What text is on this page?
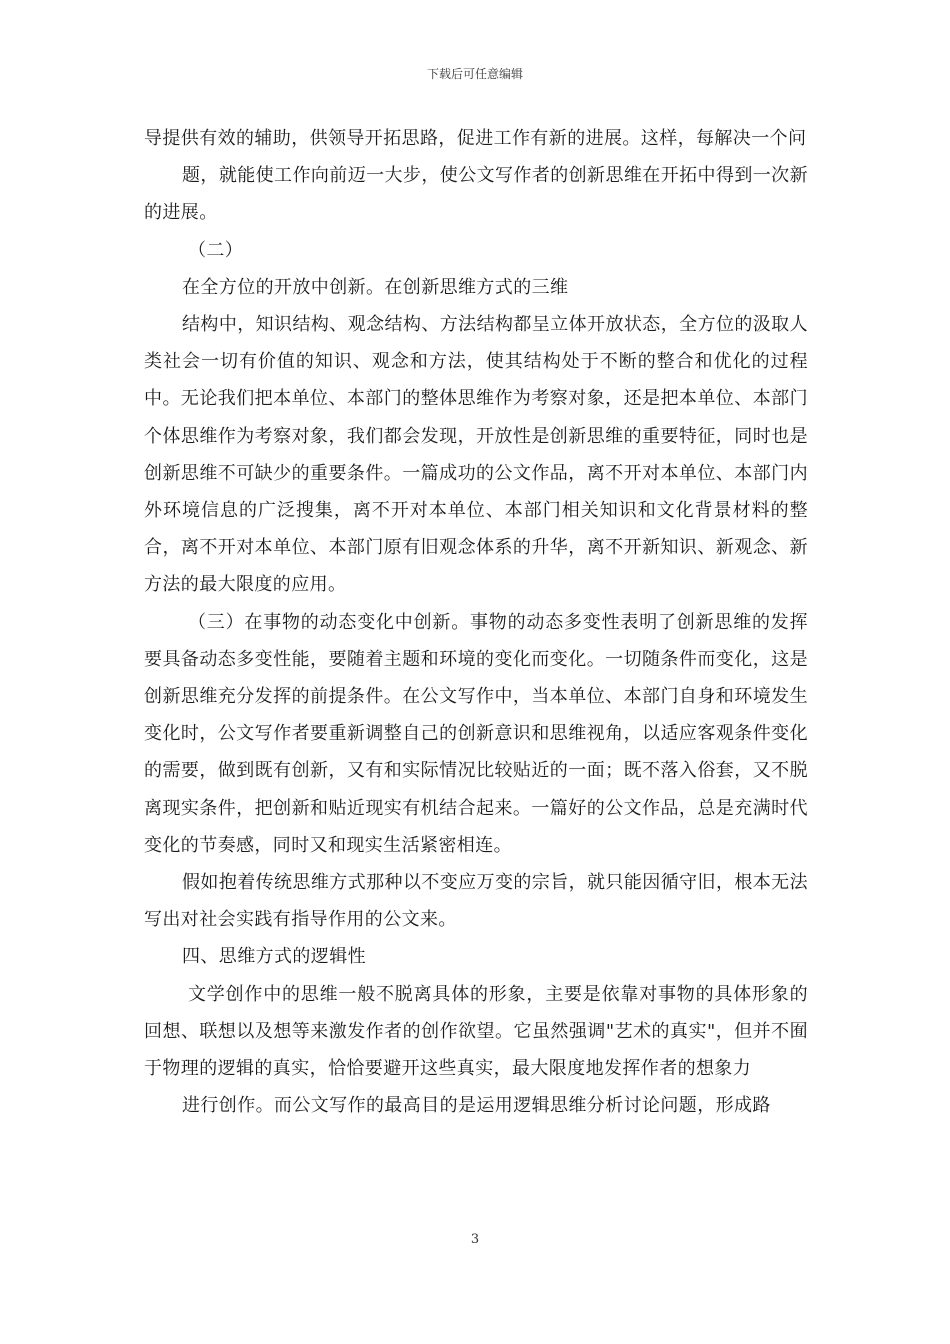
下载后可任意编辑

导提供有效的辅助，供领导开拓思路，促进工作有新的进展。这样，每解决一个问

题，就能使工作向前迈一大步，使公文写作者的创新思维在开拓中得到一次新的进展。

（二）

在全方位的开放中创新。在创新思维方式的三维

结构中，知识结构、观念结构、方法结构都呈立体开放状态，全方位的汲取人类社会一切有价值的知识、观念和方法，使其结构处于不断的整合和优化的过程中。无论我们把本单位、本部门的整体思维作为考察对象，还是把本单位、本部门个体思维作为考察对象，我们都会发现，开放性是创新思维的重要特征，同时也是创新思维不可缺少的重要条件。一篇成功的公文作品，离不开对本单位、本部门内外环境信息的广泛搜集，离不开对本单位、本部门相关知识和文化背景材料的整合，离不开对本单位、本部门原有旧观念体系的升华，离不开新知识、新观念、新方法的最大限度的应用。

（三）在事物的动态变化中创新。事物的动态多变性表明了创新思维的发挥要具备动态多变性能，要随着主题和环境的变化而变化。一切随条件而变化，这是创新思维充分发挥的前提条件。在公文写作中，当本单位、本部门自身和环境发生变化时，公文写作者要重新调整自己的创新意识和思维视角，以适应客观条件变化的需要，做到既有创新，又有和实际情况比较贴近的一面；既不落入俗套，又不脱离现实条件，把创新和贴近现实有机结合起来。一篇好的公文作品，总是充满时代变化的节奏感，同时又和现实生活紧密相连。

假如抱着传统思维方式那种以不变应万变的宗旨，就只能因循守旧，根本无法写出对社会实践有指导作用的公文来。

四、思维方式的逻辑性

文学创作中的思维一般不脱离具体的形象，主要是依靠对事物的具体形象的回想、联想以及想等来激发作者的创作欲望。它虽然强调"艺术的真实"，但并不囿于物理的逻辑的真实，恰恰要避开这些真实，最大限度地发挥作者的想象力

进行创作。而公文写作的最高目的是运用逻辑思维分析讨论问题，形成路

3
